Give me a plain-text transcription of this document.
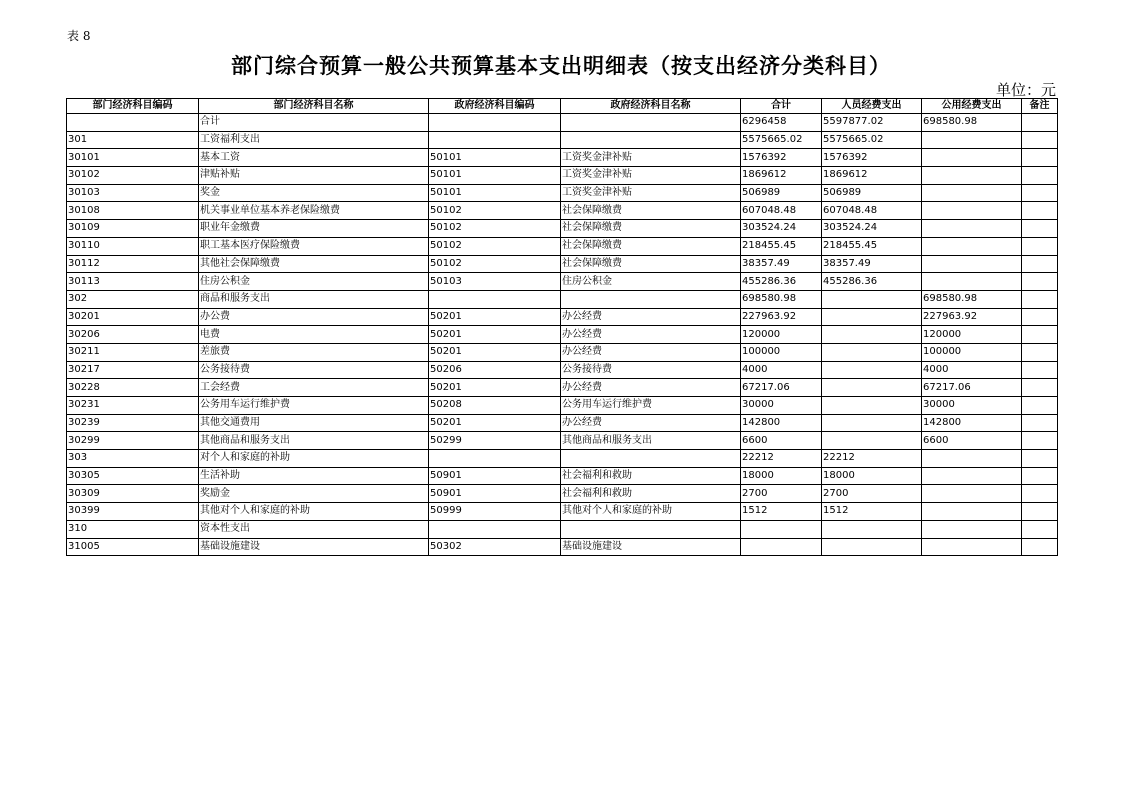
表 8
部门综合预算一般公共预算基本支出明细表（按支出经济分类科目）
单位：元
部门经济科目编码	部门经济科目名称	政府经济科目编码	政府经济科目名称	合计	人员经费支出	公用经费支出	备注
	合计			6296458	5597877.02	698580.98	
301	工资福利支出			5575665.02	5575665.02		
30101	基本工资	50101	工资奖金津补贴	1576392	1576392		
30102	津贴补贴	50101	工资奖金津补贴	1869612	1869612		
30103	奖金	50101	工资奖金津补贴	506989	506989		
30108	机关事业单位基本养老保险缴费	50102	社会保障缴费	607048.48	607048.48		
30109	职业年金缴费	50102	社会保障缴费	303524.24	303524.24		
30110	职工基本医疗保险缴费	50102	社会保障缴费	218455.45	218455.45		
30112	其他社会保障缴费	50102	社会保障缴费	38357.49	38357.49		
30113	住房公积金	50103	住房公积金	455286.36	455286.36		
302	商品和服务支出			698580.98		698580.98	
30201	办公费	50201	办公经费	227963.92		227963.92	
30206	电费	50201	办公经费	120000		120000	
30211	差旅费	50201	办公经费	100000		100000	
30217	公务接待费	50206	公务接待费	4000		4000	
30228	工会经费	50201	办公经费	67217.06		67217.06	
30231	公务用车运行维护费	50208	公务用车运行维护费	30000		30000	
30239	其他交通费用	50201	办公经费	142800		142800	
30299	其他商品和服务支出	50299	其他商品和服务支出	6600		6600	
303	对个人和家庭的补助			22212	22212		
30305	生活补助	50901	社会福利和救助	18000	18000		
30309	奖励金	50901	社会福利和救助	2700	2700		
30399	其他对个人和家庭的补助	50999	其他对个人和家庭的补助	1512	1512		
310	资本性支出						
31005	基础设施建设	50302	基础设施建设				
